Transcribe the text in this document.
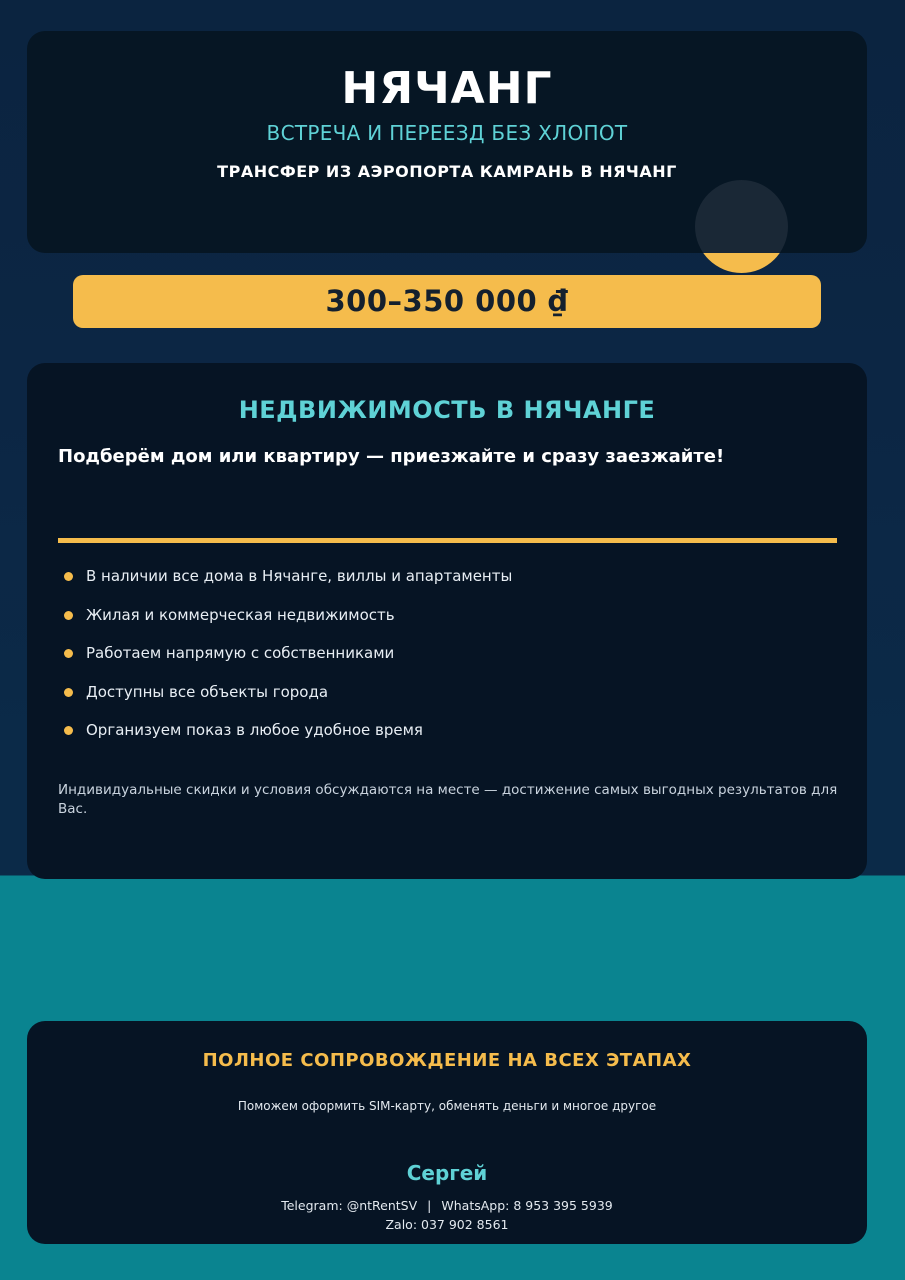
НЯЧАНГ
ВСТРЕЧА И ПЕРЕЕЗД БЕЗ ХЛОПОТ
ТРАНСФЕР ИЗ АЭРОПОРТА КАМРАНЬ В НЯЧАНГ
300–350 000 ₫
НЕДВИЖИМОСТЬ В НЯЧАНГЕ
Подберём дом или квартиру — приезжайте и сразу заезжайте!
В наличии все дома в Нячанге, виллы и апартаменты
Жилая и коммерческая недвижимость
Работаем напрямую с собственниками
Доступны все объекты города
Организуем показ в любое удобное время
Индивидуальные скидки и условия обсуждаются на месте — достижение самых выгодных результатов для Вас.
ПОЛНОЕ СОПРОВОЖДЕНИЕ НА ВСЕХ ЭТАПАХ
Поможем оформить SIM-карту, обменять деньги и многое другое
Сергей
Telegram: @ntRentSV | WhatsApp: 8 953 395 5939
Zalo: 037 902 8561
